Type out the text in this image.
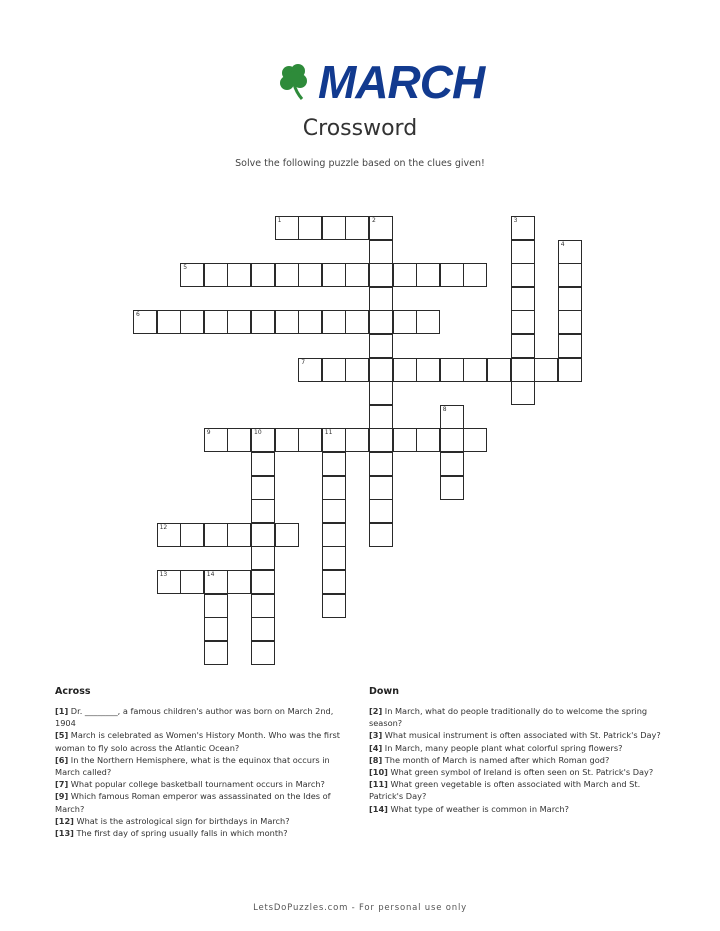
MARCH
Crossword
Solve the following puzzle based on the clues given!
1	2	3
4
5
6
7
8
9	10	11
12
13	14
Across

[1] Dr. ________, a famous children's author was born on March 2nd, 1904

[5] March is celebrated as Women's History Month. Who was the first woman to fly solo across the Atlantic Ocean?

[6] In the Northern Hemisphere, what is the equinox that occurs in March called?

[7] What popular college basketball tournament occurs in March?

[9] Which famous Roman emperor was assassinated on the Ides of March?

[12] What is the astrological sign for birthdays in March?

[13] The first day of spring usually falls in which month?

Down

[2] In March, what do people traditionally do to welcome the spring season?

[3] What musical instrument is often associated with St. Patrick's Day?

[4] In March, many people plant what colorful spring flowers?

[8] The month of March is named after which Roman god?

[10] What green symbol of Ireland is often seen on St. Patrick's Day?

[11] What green vegetable is often associated with March and St. Patrick's Day?

[14] What type of weather is common in March?

LetsDoPuzzles.com - For personal use only
